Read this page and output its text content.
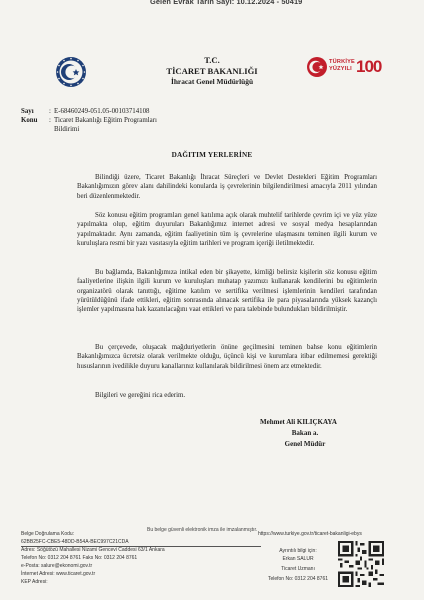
Gelen Evrak Tarih Sayı: 10.12.2024 - 50419
TÜRKİYE
YÜZYILI 100
T.C.
TİCARET BAKANLIĞI
İhracat Genel Müdürlüğü
Sayı : E-68460249-051.05-00103714108
Konu : Ticaret Bakanlığı Eğitim Programları
Bildirimi
DAĞITIM YERLERİNE

Bilindiği üzere, Ticaret Bakanlığı İhracat Süreçleri ve Devlet Destekleri Eğitim Programları Bakanlığımızın görev alanı dahilindeki konularda iş çevrelerinin bilgilendirilmesi amacıyla 2011 yılından beri düzenlenmektedir.

Söz konusu eğitim programları genel katılıma açık olarak muhtelif tarihlerde çevrim içi ve yüz yüze yapılmakta olup, eğitim duyuruları Bakanlığımız internet adresi ve sosyal medya hesaplarından yapılmaktadır. Aynı zamanda, eğitim faaliyetinin tüm iş çevrelerine ulaşmasını teminen ilgili kurum ve kuruluşlara resmi bir yazı vasıtasıyla eğitim tarihleri ve program içeriği iletilmektedir.

Bu bağlamda, Bakanlığımıza intikal eden bir şikayette, kimliği belirsiz kişilerin söz konusu eğitim faaliyetlerine ilişkin ilgili kurum ve kuruluşları muhatap yazımızı kullanarak kendilerini bu eğitimlerin organizatörü olarak tanıttığı, eğitime katılım ve sertifika verilmesi işlemlerinin kendileri tarafından yürütüldüğünü ifade ettikleri, eğitim sonrasında alınacak sertifika ile para piyasalarında yüksek kazançlı işlemler yapılmasına hak kazanılacağını vaat ettikleri ve para talebinde bulundukları bildirilmiştir.

Bu çerçevede, oluşacak mağduriyetlerin önüne geçilmesini teminen bahse konu eğitimlerin Bakanlığımızca ücretsiz olarak verilmekte olduğu, üçüncü kişi ve kurumlara itibar edilmemesi gerektiği hususlarının ivedilikle duyuru kanallarınız kullanılarak bildirilmesi önem arz etmektedir.

Bilgileri ve gereğini rica ederim.

Mehmet Ali KILIÇKAYA
Bakan a.
Genel Müdür
Bu belge güvenli elektronik imza ile imzalanmıştır.
Belge Doğrulama Kodu:
62BB25FC-CBE5-48DD-B54A-BEC997C21CDA
https://www.turkiye.gov.tr/ticaret-bakanligi-ebys
Adres: Söğütözü Mahallesi Nizami Gencevi Caddesi 63/1 Ankara
Telefon No: 0312 204 8761 Faks No: 0312 204 8761
e-Posta: salure@ekonomi.gov.tr
İnternet Adresi: www.ticaret.gov.tr
KEP Adresi:
Ayrıntılı bilgi için:
Erkan SALUR
Ticaret Uzmanı
Telefon No: 0312 204 8761
